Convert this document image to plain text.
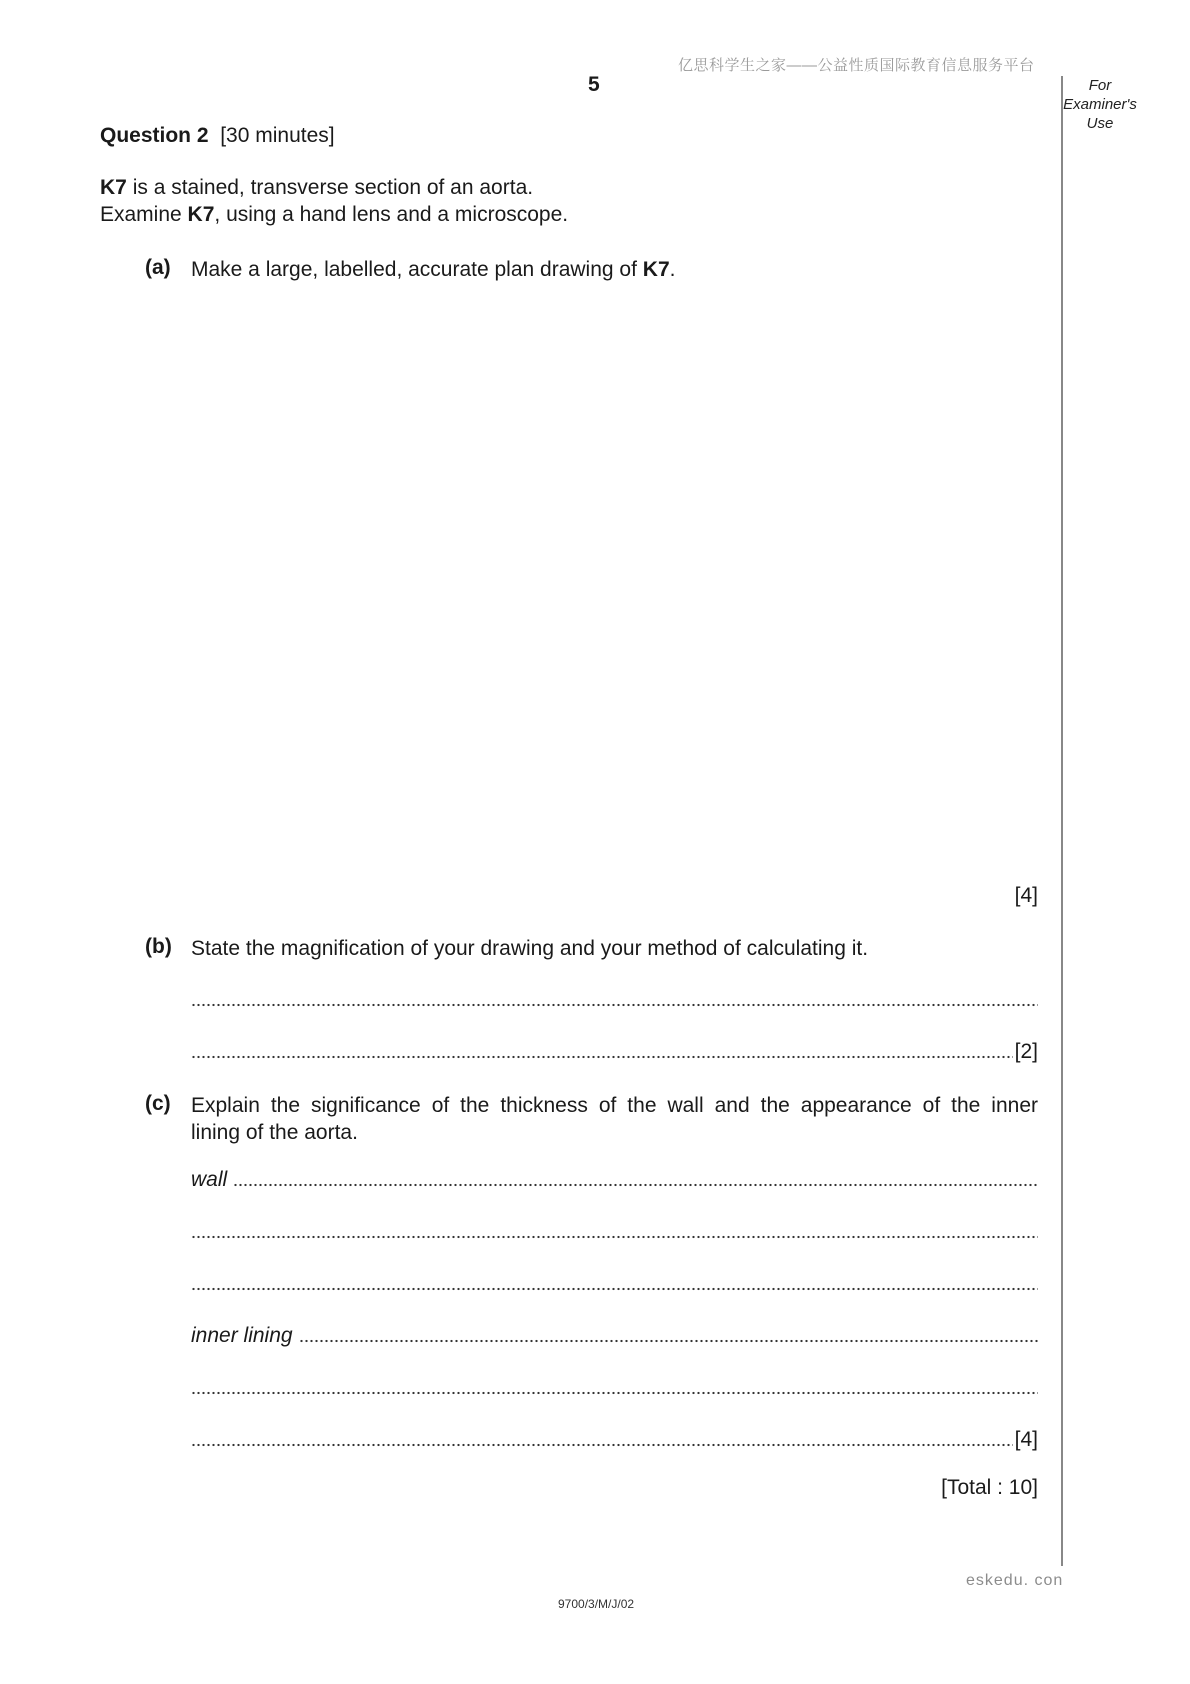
亿思科学生之家——公益性质国际教育信息服务平台
5	For
Examiner's
Use
Question 2 [30 minutes]
K7 is a stained, transverse section of an aorta.
Examine K7, using a hand lens and a microscope.
(a) Make a large, labelled, accurate plan drawing of K7.
[4]
(b) State the magnification of your drawing and your method of calculating it.
[2]
(c) Explain the significance of the thickness of the wall and the appearance of the inner
lining of the aorta.
wall
inner lining
[4]
[Total : 10]
eskedu. con
9700/3/M/J/02
